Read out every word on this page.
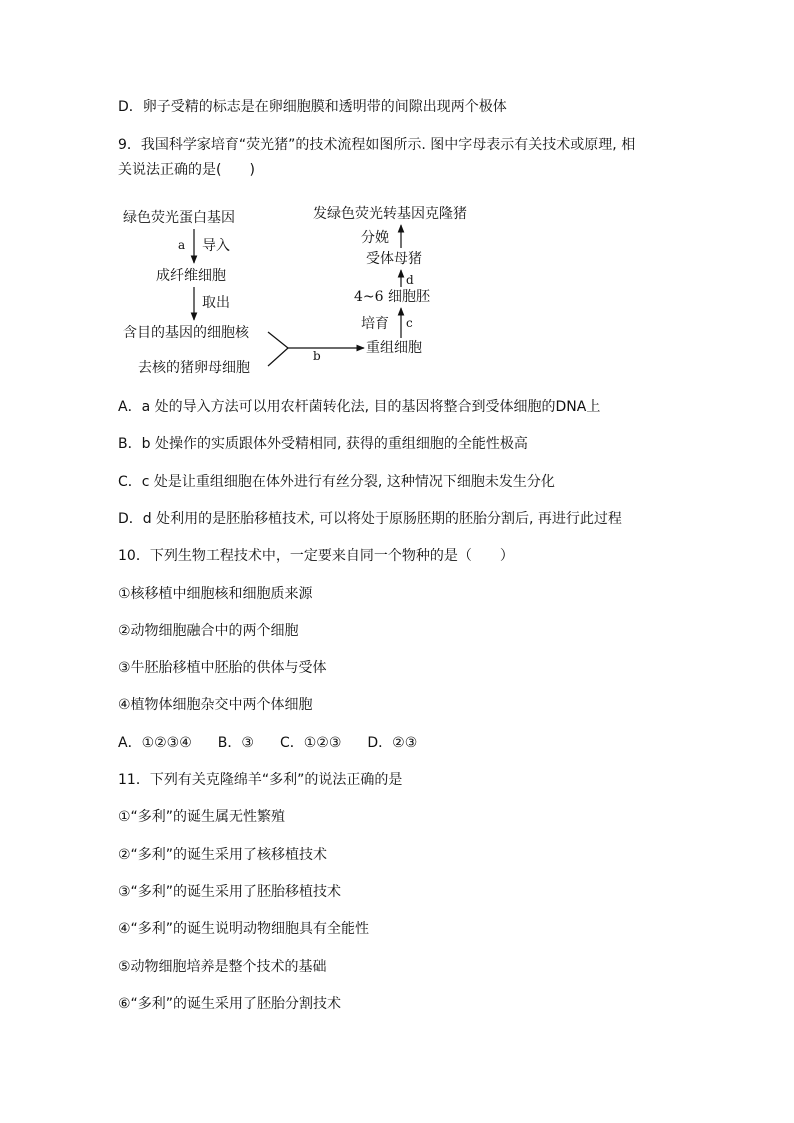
D．卵子受精的标志是在卵细胞膜和透明带的间隙出现两个极体
9．我国科学家培育“荧光猪”的技术流程如图所示. 图中字母表示有关技术或原理, 相
关说法正确的是(　　)
绿色荧光蛋白基因
a 导入
成纤维细胞
取出
含目的基因的细胞核
去核的猪卵母细胞
b	重组细胞
培育 c
4~6 细胞胚
d
受体母猪
分娩
发绿色荧光转基因克隆猪
A．a 处的导入方法可以用农杆菌转化法, 目的基因将整合到受体细胞的DNA上
B．b 处操作的实质跟体外受精相同, 获得的重组细胞的全能性极高
C．c 处是让重组细胞在体外进行有丝分裂, 这种情况下细胞未发生分化
D．d 处利用的是胚胎移植技术, 可以将处于原肠胚期的胚胎分割后, 再进行此过程
10．下列生物工程技术中，一定要来自同一个物种的是（　　）
①核移植中细胞核和细胞质来源
②动物细胞融合中的两个细胞
③牛胚胎移植中胚胎的供体与受体
④植物体细胞杂交中两个体细胞
A．①②③④ B．③ C．①②③ D．②③
11．下列有关克隆绵羊“多利”的说法正确的是
①“多利”的诞生属无性繁殖
②“多利”的诞生采用了核移植技术
③“多利”的诞生采用了胚胎移植技术
④“多利”的诞生说明动物细胞具有全能性
⑤动物细胞培养是整个技术的基础
⑥“多利”的诞生采用了胚胎分割技术
